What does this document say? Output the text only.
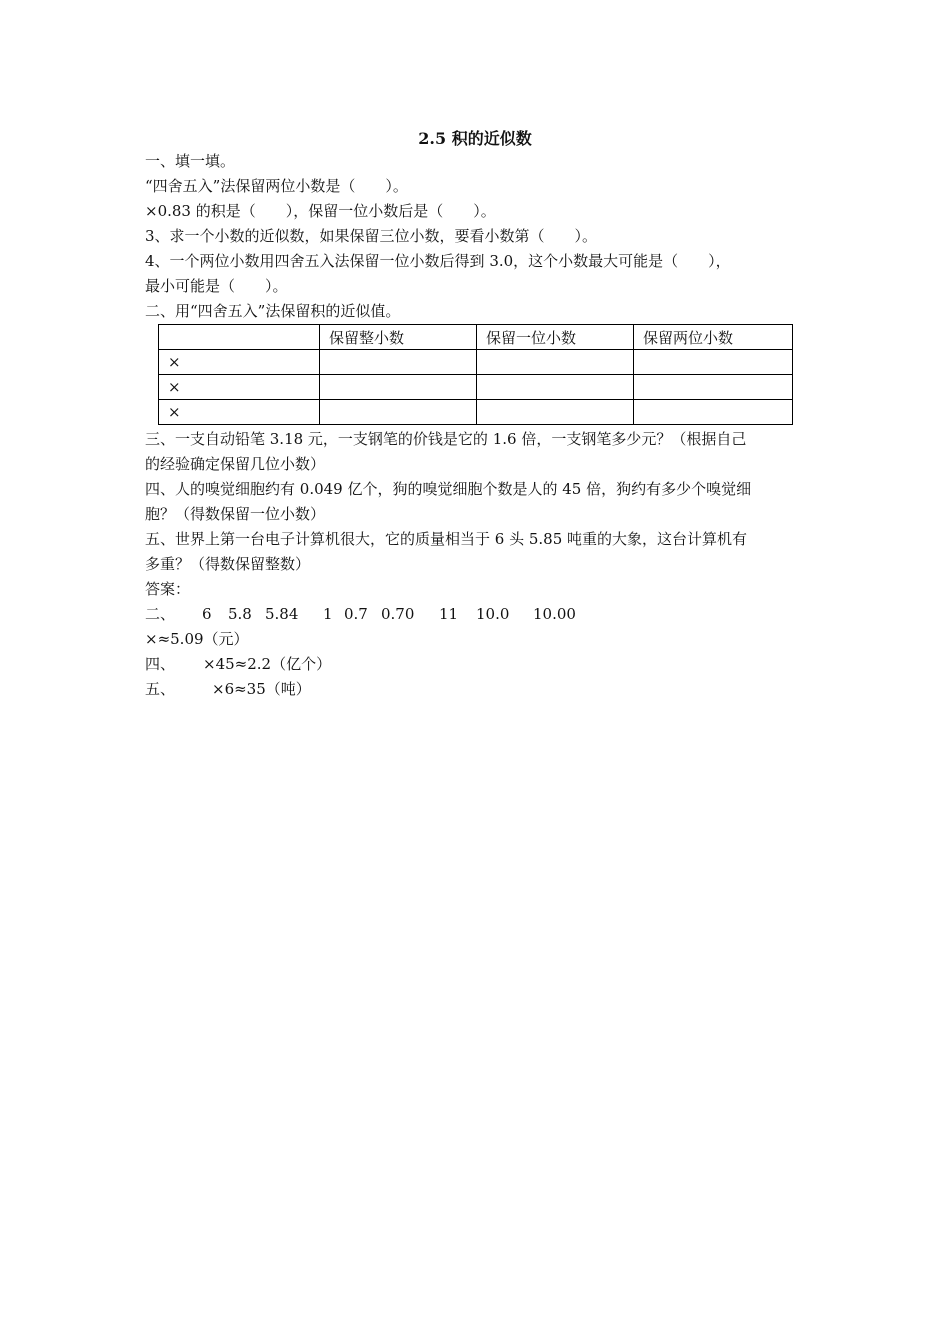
2.5 积的近似数
一、填一填。
“四舍五入”法保留两位小数是（　　）。
×0.83 的积是（　　），保留一位小数后是（　　）。
3、求一个小数的近似数，如果保留三位小数，要看小数第（　　）。
4、一个两位小数用四舍五入法保留一位小数后得到 3.0，这个小数最大可能是（　　），
最小可能是（　　）。
二、用“四舍五入”法保留积的近似值。
	保留整小数	保留一位小数	保留两位小数
×			
×			
×			
三、一支自动铅笔 3.18 元，一支钢笔的价钱是它的 1.6 倍，一支钢笔多少元？（根据自己
的经验确定保留几位小数）
四、人的嗅觉细胞约有 0.049 亿个，狗的嗅觉细胞个数是人的 45 倍，狗约有多少个嗅觉细
胞？（得数保留一位小数）
五、世界上第一台电子计算机很大，它的质量相当于 6 头 5.85 吨重的大象，这台计算机有
多重？（得数保留整数）
答案：
二、 6 5.8 5.84 1 0.7 0.70 11 10.0 10.00
×≈5.09（元）
四、 ×45≈2.2（亿个）
五、 ×6≈35（吨）
